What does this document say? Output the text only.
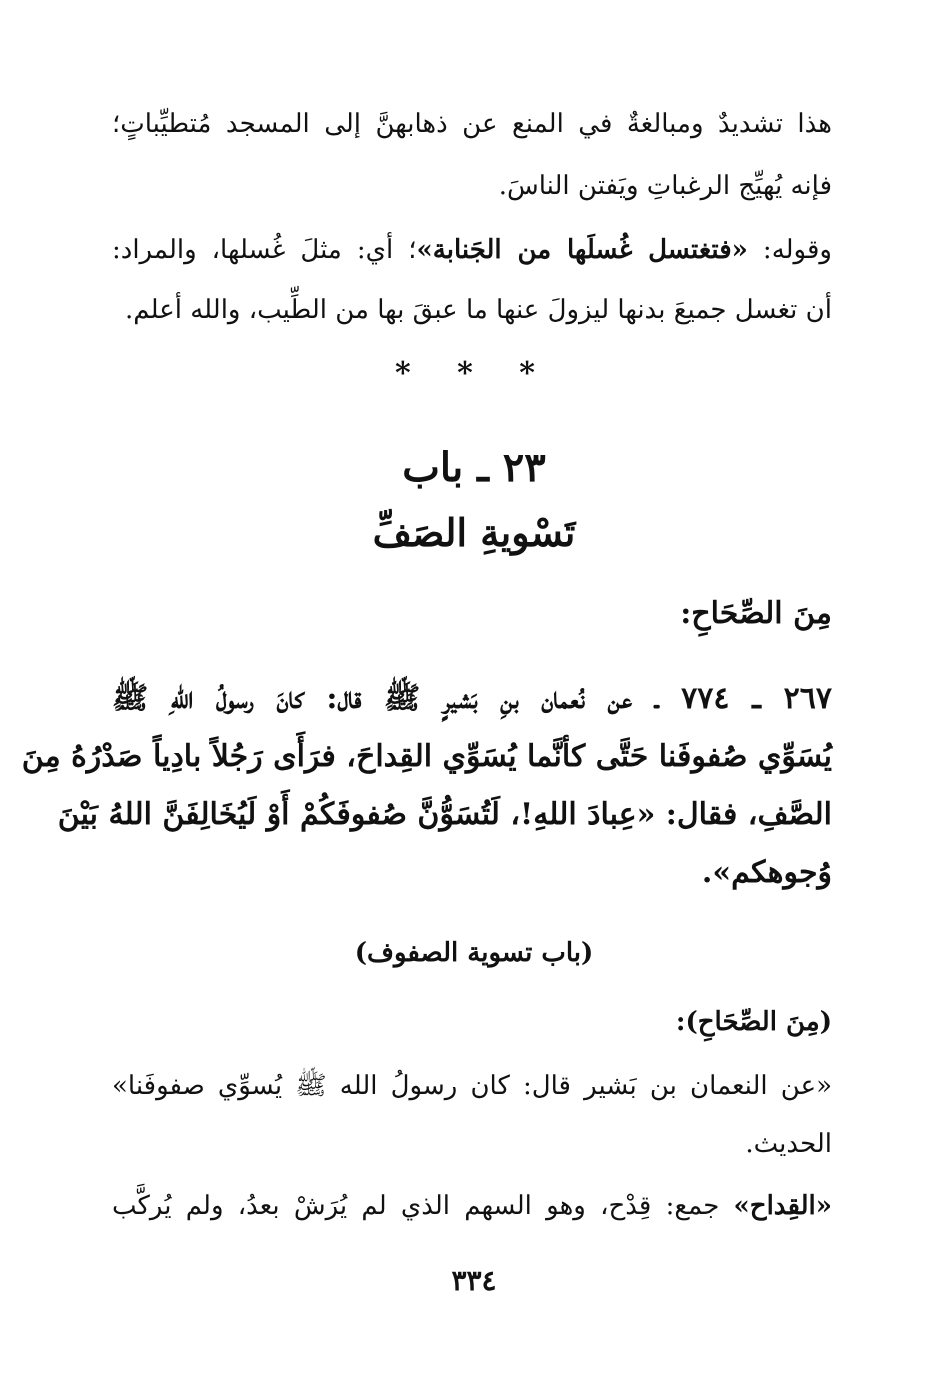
هذا تشديدٌ ومبالغةٌ في المنع عن ذهابهنَّ إلى المسجد مُتطيِّباتٍ؛
فإنه يُهيِّج الرغباتِ ويَفتن الناسَ.
وقوله: «فتغتسل غُسلَها من الجَنابة»؛ أي: مثلَ غُسلها، والمراد:
أن تغسل جميعَ بدنها ليزولَ عنها ما عبقَ بها من الطِّيب، والله أعلم.
* * *
٢٣ ـ باب
تَسْويةِ الصَفِّ
مِنَ الصِّحَاحِ:
٢٦٧ ـ ٧٧٤ ـ عن نُعمان بنِ بَشيرٍ ﷺ قال: كانَ رسولُ اللهِ ﷺ
يُسَوِّي صُفوفَنا حَتَّى كأنَّما يُسَوِّي القِداحَ، فرَأَى رَجُلاً بادِياً صَدْرُهُ مِنَ
الصَّفِ، فقال: «عِبادَ اللهِ!، لَتُسَوُّنَّ صُفوفَكُمْ أَوْ لَيُخَالِفَنَّ اللهُ بَيْنَ
وُجوهكم».
(باب تسوية الصفوف)
(مِنَ الصِّحَاحِ):
«عن النعمان بن بَشير قال: كان رسولُ الله ﷺ يُسوِّي صفوفَنا»
الحديث.
«القِداح» جمع: قِدْح، وهو السهم الذي لم يُرَشْ بعدُ، ولم يُركَّب
٣٣٤
